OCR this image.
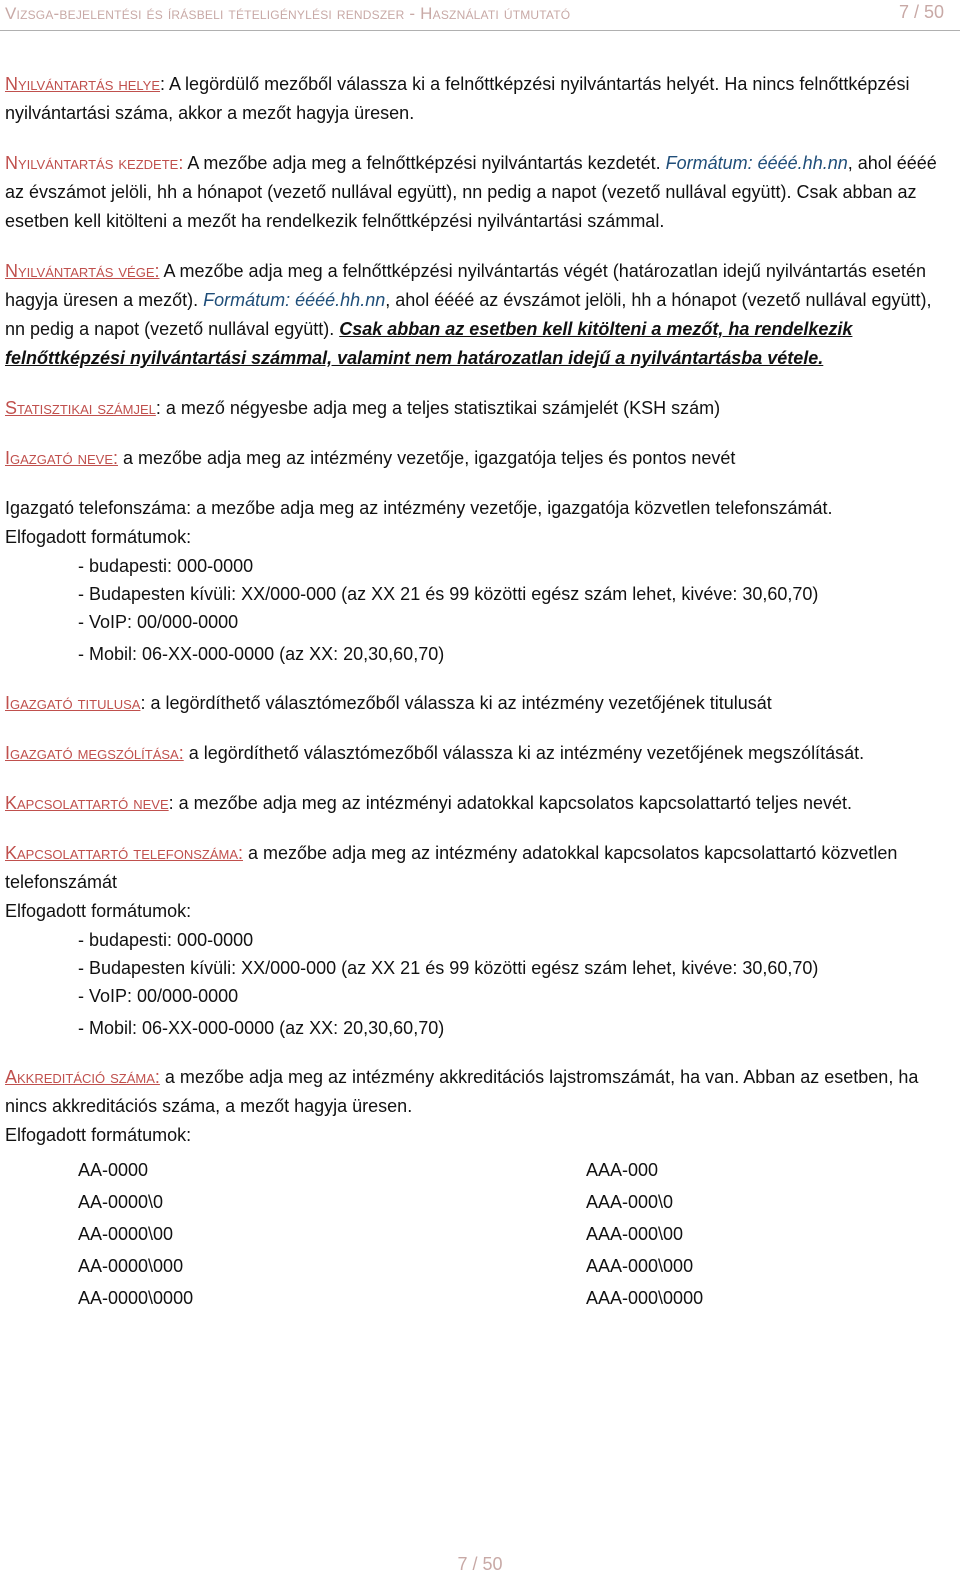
Vizsga-bejelentési és írásbeli tételigénylési rendszer - Használati útmutató	7 / 50

Nyilvántartás helye: A legördülő mezőből válassza ki a felnőttképzési nyilvántartás helyét. Ha nincs felnőttképzési nyilvántartási száma, akkor a mezőt hagyja üresen.

Nyilvántartás kezdete: A mezőbe adja meg a felnőttképzési nyilvántartás kezdetét. Formátum: éééé.hh.nn, ahol éééé az évszámot jelöli, hh a hónapot (vezető nullával együtt), nn pedig a napot (vezető nullával együtt). Csak abban az esetben kell kitölteni a mezőt ha rendelkezik felnőttképzési nyilvántartási számmal.

Nyilvántartás vége: A mezőbe adja meg a felnőttképzési nyilvántartás végét (határozatlan idejű nyilvántartás esetén hagyja üresen a mezőt). Formátum: éééé.hh.nn, ahol éééé az évszámot jelöli, hh a hónapot (vezető nullával együtt), nn pedig a napot (vezető nullával együtt). Csak abban az esetben kell kitölteni a mezőt, ha rendelkezik felnőttképzési nyilvántartási számmal, valamint nem határozatlan idejű a nyilvántartásba vétele.

Statisztikai számjel: a mező négyesbe adja meg a teljes statisztikai számjelét (KSH szám)

Igazgató neve: a mezőbe adja meg az intézmény vezetője, igazgatója teljes és pontos nevét

Igazgató telefonszáma: a mezőbe adja meg az intézmény vezetője, igazgatója közvetlen telefonszámát.

Elfogadott formátumok:

- budapesti: 000-0000
- Budapesten kívüli: XX/000-000 (az XX 21 és 99 közötti egész szám lehet, kivéve: 30,60,70)
- VoIP: 00/000-0000
- Mobil: 06-XX-000-0000 (az XX: 20,30,60,70)

Igazgató titulusa: a legördíthető választómezőből válassza ki az intézmény vezetőjének titulusát

Igazgató megszólítása: a legördíthető választómezőből válassza ki az intézmény vezetőjének megszólítását.

Kapcsolattartó neve: a mezőbe adja meg az intézményi adatokkal kapcsolatos kapcsolattartó teljes nevét.

Kapcsolattartó telefonszáma: a mezőbe adja meg az intézmény adatokkal kapcsolatos kapcsolattartó közvetlen telefonszámát

Elfogadott formátumok:

- budapesti: 000-0000
- Budapesten kívüli: XX/000-000 (az XX 21 és 99 közötti egész szám lehet, kivéve: 30,60,70)
- VoIP: 00/000-0000
- Mobil: 06-XX-000-0000 (az XX: 20,30,60,70)

Akkreditáció száma: a mezőbe adja meg az intézmény akkreditációs lajstromszámát, ha van. Abban az esetben, ha nincs akkreditációs száma, a mezőt hagyja üresen.

Elfogadott formátumok:

AA-0000	AAA-000
AA-0000\0	AAA-000\0
AA-0000\00	AAA-000\00
AA-0000\000	AAA-000\000
AA-0000\0000	AAA-000\0000
7 / 50
